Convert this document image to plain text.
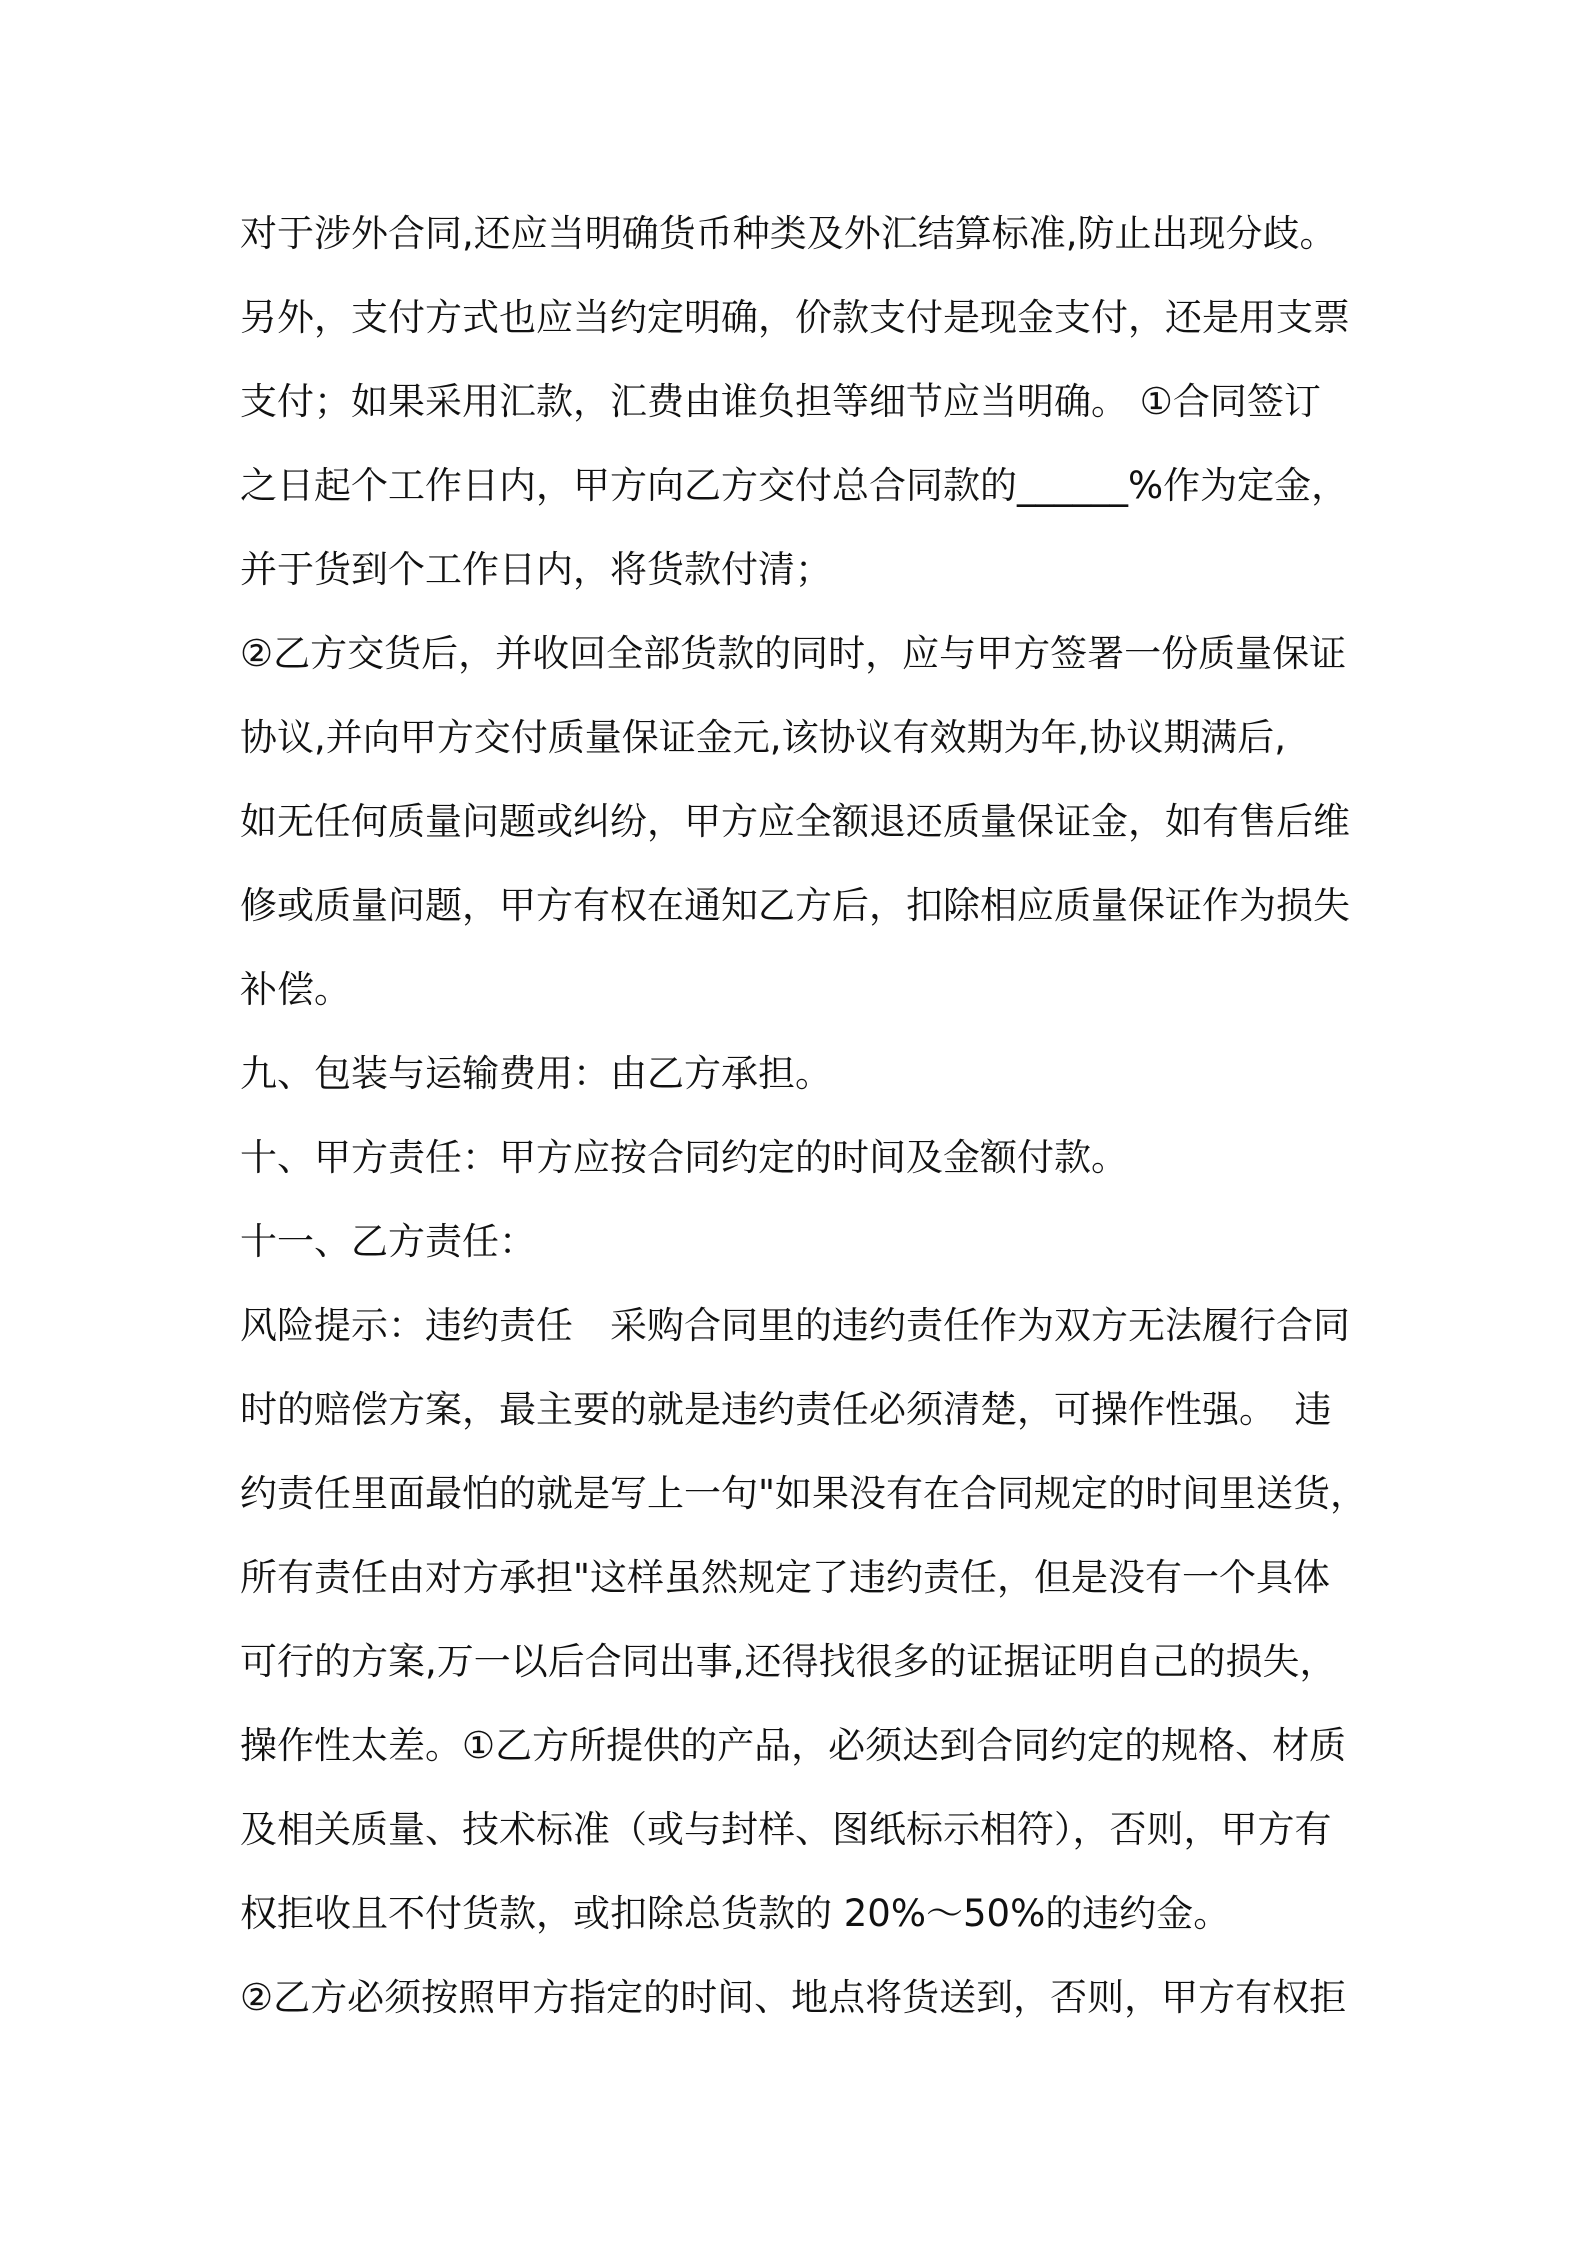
对于涉外合同,还应当明确货币种类及外汇结算标准,防止出现分歧。
另外，支付方式也应当约定明确，价款支付是现金支付，还是用支票
支付；如果采用汇款，汇费由谁负担等细节应当明确。 ①合同签订
之日起个工作日内，甲方向乙方交付总合同款的______%作为定金，
并于货到个工作日内，将货款付清；
②乙方交货后，并收回全部货款的同时，应与甲方签署一份质量保证
协议,并向甲方交付质量保证金元,该协议有效期为年,协议期满后,
如无任何质量问题或纠纷，甲方应全额退还质量保证金，如有售后维
修或质量问题，甲方有权在通知乙方后，扣除相应质量保证作为损失
补偿。
九、包装与运输费用：由乙方承担。
十、甲方责任：甲方应按合同约定的时间及金额付款。
十一、乙方责任：
风险提示：违约责任　采购合同里的违约责任作为双方无法履行合同
时的赔偿方案，最主要的就是违约责任必须清楚，可操作性强。　违
约责任里面最怕的就是写上一句"如果没有在合同规定的时间里送货，
所有责任由对方承担"这样虽然规定了违约责任，但是没有一个具体
可行的方案,万一以后合同出事,还得找很多的证据证明自己的损失，
操作性太差。①乙方所提供的产品，必须达到合同约定的规格、材质
及相关质量、技术标准（或与封样、图纸标示相符），否则，甲方有
权拒收且不付货款，或扣除总货款的 20%～50%的违约金。
②乙方必须按照甲方指定的时间、地点将货送到，否则，甲方有权拒
